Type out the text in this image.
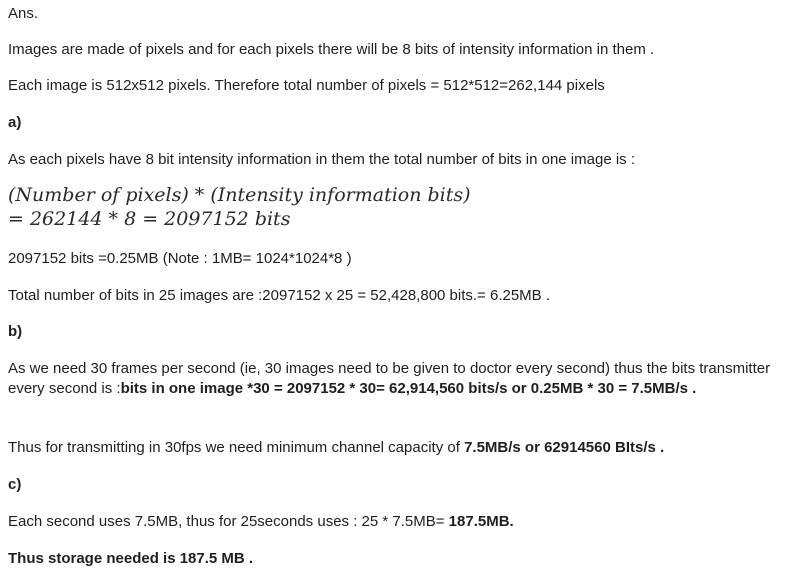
Ans.
Images are made of pixels and for each pixels there will be 8 bits of intensity information in them .
Each image is 512x512 pixels. Therefore total number of pixels = 512*512=262,144 pixels
a)
As each pixels have 8 bit intensity information in them the total number of bits in one image is :
(Number of pixels) * (Intensity information bits)
= 262144 * 8 = 2097152 bits
2097152 bits =0.25MB (Note : 1MB= 1024*1024*8 )
Total number of bits in 25 images are :2097152 x 25 = 52,428,800 bits.= 6.25MB .
b)
As we need 30 frames per second (ie, 30 images need to be given to doctor every second) thus the bits transmitter every second is :bits in one image *30 = 2097152 * 30= 62,914,560 bits/s or 0.25MB * 30 = 7.5MB/s .
Thus for transmitting in 30fps we need minimum channel capacity of 7.5MB/s or 62914560 BIts/s .
c)
Each second uses 7.5MB, thus for 25seconds uses : 25 * 7.5MB= 187.5MB.
Thus storage needed is 187.5 MB .
